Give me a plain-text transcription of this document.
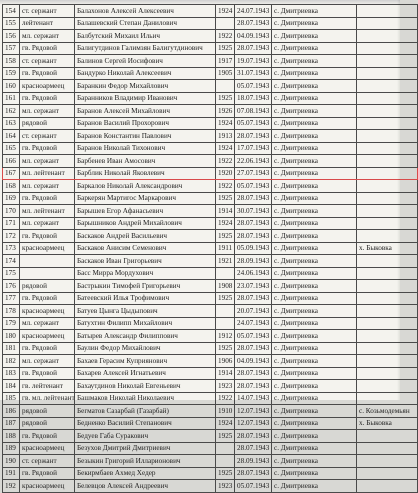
154	ст. сержант	Балахонов Алексей Алексеевич	1924	24.07.1943	с. Дмитриевка	
155	лейтенант	Балашевский Степан Данилович		28.07.1943	с. Дмитриевка	
156	мл. сержант	Балбутский Михаил Ильич	1922	04.09.1943	с. Дмитриевка	
157	гв. Рядовой	Балигутдинов Галимзян Балигутдинович	1925	28.07.1943	с. Дмитриевка	
158	ст. сержант	Балинов Сергей Иосифович	1917	19.07.1943	с. Дмитриевка	
159	гв. Рядовой	Бандурко Николай Алексеевич	1905	31.07.1943	с. Дмитриевка	
160	красноармеец	Баранкин Федор Михайлович		05.07.1943	с. Дмитриевка	
161	гв. Рядовой	Баранников Владимир Иванович	1925	18.07.1943	с. Дмитриевка	
162	мл. сержант	Баранов Алексей Михайлович	1926	07.08.1943	с. Дмитриевка	
163	рядовой	Баранов Василий Прохорович	1924	05.07.1943	с. Дмитриевка	
164	ст. сержант	Баранов Константин Павлович	1913	28.07.1943	с. Дмитриевка	
165	гв. Рядовой	Баранов Николай Тихонович	1924	17.07.1943	с. Дмитриевка	
166	мл. сержант	Барбенев Иван Амосович	1922	22.06.1943	с. Дмитриевка	
167	мл. лейтенант	Барблик Николай Яковлевич	1920	27.07.1943	с. Дмитриевка	
168	мл. сержант	Баркалов Николай Александрович	1922	05.07.1943	с. Дмитриевка	
169	гв. Рядовой	Баркерян Мартиrос Маркарович	1925	28.07.1943	с. Дмитриевка	
170	мл. лейтенант	Барышев Егор Афанасьевич	1914	30.07.1943	с. Дмитриевка	
171	мл. сержант	Барышников Андрей Михайлович	1924	28.07.1943	с. Дмитриевка	
172	гв. Рядовой	Баскаков Андрей Васильевич	1925	28.07.1943	с. Дмитриевка	
173	красноармеец	Баскаков Анисим Семенович	1911	05.09.1943	с. Дмитриевка	х. Быковка
174		Баскаков Иван Григорьевич	1921	28.09.1943	с. Дмитриевка	
175		Басс Мирра Мордухович		24.06.1943	с. Дмитриевка	
176	рядовой	Бастрыкин Тимофей Григорьевич	1908	23.07.1943	с. Дмитриевка	
177	гв. Рядовой	Батеевский Илья Трофимович	1925	28.07.1943	с. Дмитриевка	
178	красноармеец	Батуев Цынга Цыдыпович		20.07.1943	с. Дмитриевка	
179	мл. сержант	Батухтин Филипп Михайлович		24.07.1943	с. Дмитриевка	
180	красноармеец	Батырев Александр Филиппович	1912	05.07.1943	с. Дмитриевка	
181	гв. Рядовой	Баулин Федор Михайлович	1925	28.07.1943	с. Дмитриевка	
182	мл. сержант	Бахаев Герасим Куприянович	1906	04.09.1943	с. Дмитриевка	
183	гв. Рядовой	Бахарев Алексей Игнатьевич	1914	28.07.1943	с. Дмитриевка	
184	гв. лейтенант	Бахаутдинов Николай Евгеньевич	1923	28.07.1943	с. Дмитриевка	
185	гв. мл. лейтенант	Башмаков Николай Николаевич	1922	14.07.1943	с. Дмитриевка	
186	рядовой	Бегматов Сазарбай (Газарбай)	1910	12.07.1943	с. Дмитриевка	с. Козьмодемьян
187	рядовой	Бедненко Василий Степанович	1924	12.07.1943	с. Дмитриевка	х. Быковка
188	гв. Рядовой	Бедуев Габа Суракович	1925	28.07.1943	с. Дмитриевка	
189	красноармеец	Безухов Дмитрий Дмитриевич		28.07.1943	с. Дмитриевка	
190	ст. сержант	Безыкин Григорий Илларионович		28.09.1943	с. Дмитриевка	
191	гв. Рядовой	Бекирмбаев Ахмед Хедер	1925	28.07.1943	с. Дмитриевка	
192	красноармеец	Белевцов Алексей Андреевич	1923	05.07.1943	с. Дмитриевка	
